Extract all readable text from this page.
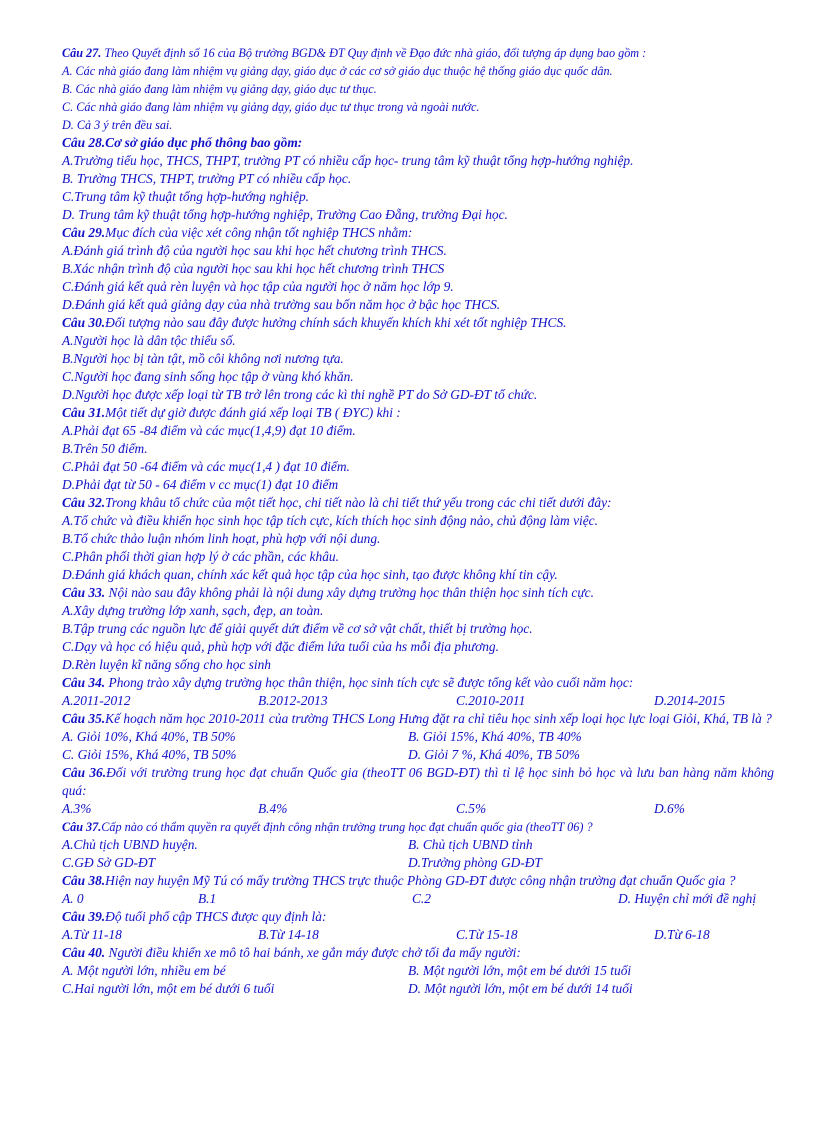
Câu 27. Theo Quyết định số 16 của Bộ trưởng BGD& ĐT Quy định về Đạo đức nhà giáo, đối tượng áp dụng bao gồm :
A. Các nhà giáo đang làm nhiệm vụ giảng dạy, giáo dục ở các cơ sở giáo dục thuộc hệ thống giáo dục quốc dân.
B. Các nhà giáo đang làm nhiệm vụ giảng dạy, giáo dục tư thục.
C. Các nhà giáo đang làm nhiệm vụ giảng dạy, giáo dục tư thục trong và ngoài nước.
D. Cả 3 ý trên đều sai.
Câu 28.Cơ sở giáo dục phổ thông bao gồm:
A.Trường tiểu học, THCS, THPT, trường PT có nhiều cấp học- trung tâm kỹ thuật tổng hợp-hướng nghiệp.
B. Trường THCS, THPT, trường PT có nhiều cấp học.
C.Trung tâm kỹ thuật tổng hợp-hướng nghiệp.
D. Trung tâm kỹ thuật tổng hợp-hướng nghiệp, Trường Cao Đẵng, trường Đại học.
Câu 29.Mục đích của việc xét công nhận tốt nghiệp THCS nhằm:
A.Đánh giá trình độ của người học sau khi học hết chương trình THCS.
B.Xác nhận trình độ của người học sau khi học hết chương trình THCS
C.Đánh giá kết quả rèn luyện và học tập của người học ở năm học lớp 9.
D.Đánh giá kết quả giảng dạy của nhà trường sau bốn năm học ở bậc học THCS.
Câu 30.Đối tượng nào sau đây được hưởng chính sách khuyến khích khi xét tốt nghiệp THCS.
A.Người học là dân tộc thiểu số.
B.Người học bị tàn tật, mồ côi không nơi nương tựa.
C.Người học đang sinh sống học tập ở vùng khó khăn.
D.Người học được xếp loại từ TB trở lên trong các kì thi nghề PT do Sở GD-ĐT tổ chức.
Câu 31.Một tiết dự giờ được đánh giá xếp loại TB ( ĐYC) khi :
A.Phải đạt 65 -84 điểm và các mục(1,4,9) đạt 10 điểm.
B.Trên 50 điểm.
C.Phải đạt 50 -64 điểm và các mục(1,4 ) đạt 10 điểm.
D.Phải đạt từ 50 - 64 điểm v cc mục(1) đạt 10 điểm
Câu 32.Trong khâu tổ chức của một tiết học, chi tiết nào là chi tiết thứ yếu trong các chi tiết dưới đây:
A.Tổ chức và điều khiển học sinh học tập tích cực, kích thích học sinh động nảo, chủ động làm việc.
B.Tổ chức thảo luận nhóm linh hoạt, phù hợp với nội dung.
C.Phân phối thời gian hợp lý ở các phần, các khâu.
D.Đánh giá khách quan, chính xác kết quả học tập của học sinh, tạo được không khí tin cậy.
Câu 33. Nội nào sau đây không phải là nội dung xây dựng trường học thân thiện học sinh tích cực.
A.Xây dựng trường lớp xanh, sạch, đẹp, an toàn.
B.Tập trung các nguồn lực để giải quyết dứt điểm về cơ sở vật chất, thiết bị trường học.
C.Dạy và học có hiệu quả, phù hợp với đặc điểm lứa tuổi của hs mỗi địa phương.
D.Rèn luyện kĩ năng sống cho học sinh
Câu 34. Phong trào xây dựng trường học thân thiện, học sinh tích cực sẽ được tổng kết vào cuối năm học:
A.2011-2012	B.2012-2013	C.2010-2011	D.2014-2015
Câu 35.Kế hoạch năm học 2010-2011 của trường THCS Long Hưng đặt ra chỉ tiêu học sinh xếp loại học lực loại Giỏi, Khá, TB là ?
A. Giỏi 10%, Khá 40%, TB 50%	B. Giỏi 15%, Khá 40%, TB 40%
C. Giỏi 15%, Khá 40%, TB 50%	D. Giỏi 7 %, Khá 40%, TB 50%
Câu 36.Đối với trường trung học đạt chuẩn Quốc gia (theoTT 06 BGD-ĐT) thì tỉ lệ học sinh bỏ học và lưu ban hàng năm không quá:
A.3%	B.4%	C.5%	D.6%
Câu 37.Cấp nào có thẩm quyền ra quyết định công nhận trường trung học đạt chuẩn quốc gia (theoTT 06) ?
A.Chủ tịch UBND huyện.	B. Chủ tịch UBND tỉnh
C.GĐ Sở GD-ĐT	D.Trưởng phòng GD-ĐT
Câu 38.Hiện nay huyện Mỹ Tú có mấy trường THCS trực thuộc Phòng GD-ĐT được công nhận trường đạt chuẩn Quốc gia ?
A. 0	B.1	C.2	D. Huyện chỉ mới đề nghị
Câu 39.Độ tuổi phổ cập THCS được quy định là:
A.Từ 11-18	B.Từ 14-18	C.Từ 15-18	D.Từ 6-18
Câu 40. Người điều khiển xe mô tô hai bánh, xe gắn máy được chở tối đa mấy người:
A. Một người lớn, nhiều em bé	B. Một người lớn, một em bé dưới 15 tuổi
C.Hai người lớn, một em bé dưới 6 tuổi	D. Một người lớn, một em bé dưới 14 tuổi
